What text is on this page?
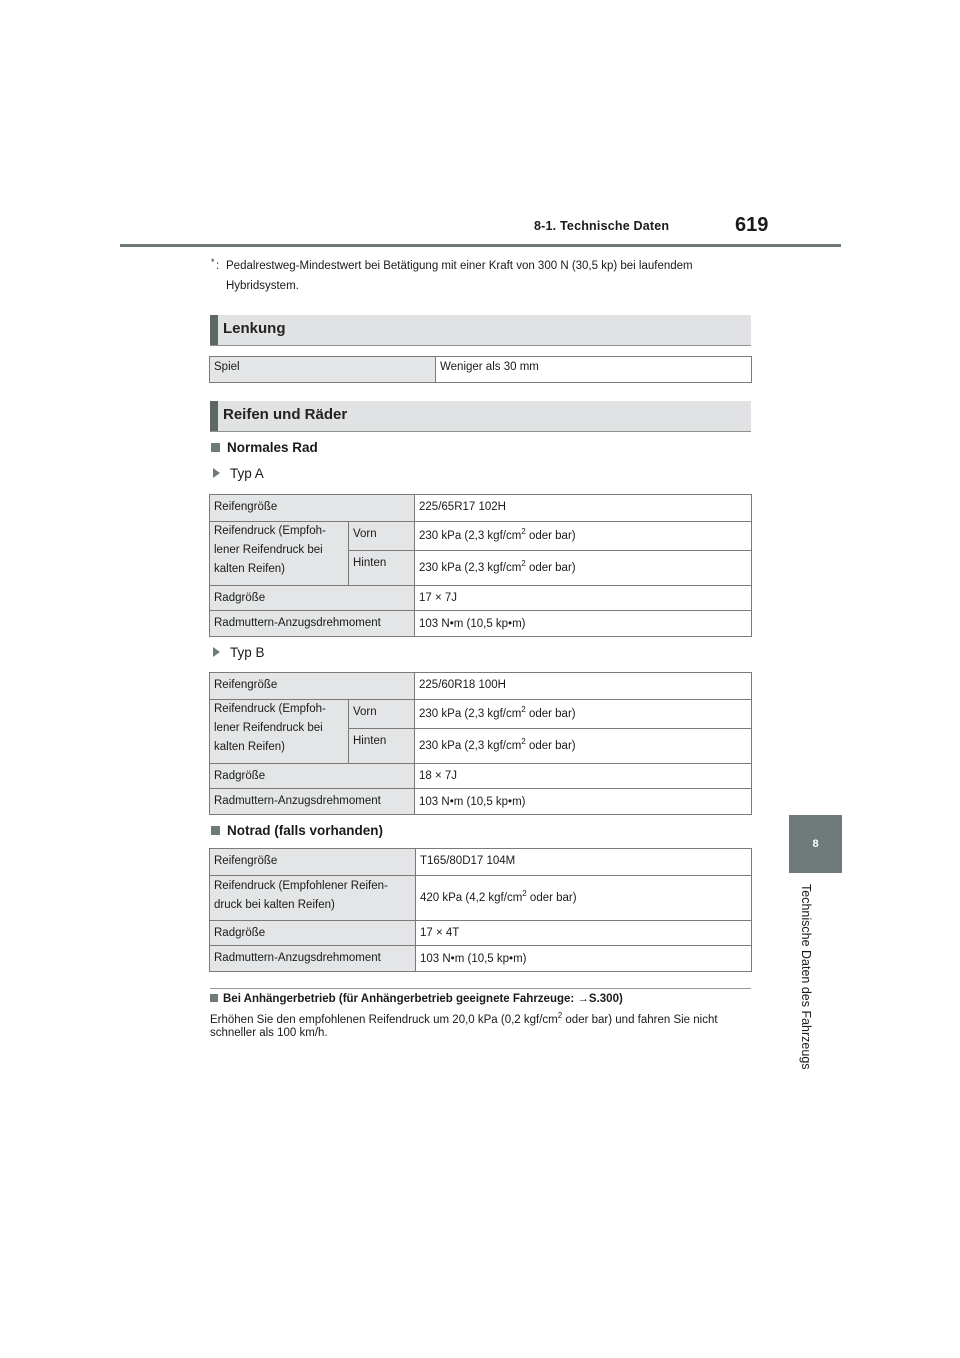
8-1. Technische Daten	619
8
Technische Daten des Fahrzeugs
* : Pedalrestweg-Mindestwert bei Betätigung mit einer Kraft von 300 N (30,5 kp) bei laufendem Hybridsystem.
Lenkung
Spiel	Weniger als 30 mm
Reifen und Räder
Normales Rad
Typ A
Reifengröße		225/65R17 102H
Reifendruck (Empfoh-lener Reifendruck bei kalten Reifen)	Vorn	230 kPa (2,3 kgf/$cm^2$ oder bar)
	Hinten	230 kPa (2,3 kgf/$cm^2$ oder bar)
Radgröße		17 × 7J
Radmuttern-Anzugsdrehmoment		103 N•m (10,5 kp•m)
Typ B
Reifengröße		225/60R18 100H
Reifendruck (Empfoh-lener Reifendruck bei kalten Reifen)	Vorn	230 kPa (2,3 kgf/$cm^2$ oder bar)
	Hinten	230 kPa (2,3 kgf/$cm^2$ oder bar)
Radgröße		18 × 7J
Radmuttern-Anzugsdrehmoment		103 N•m (10,5 kp•m)
Notrad (falls vorhanden)
Reifengröße	T165/80D17 104M
Reifendruck (Empfohlener Reifen-druck bei kalten Reifen)	420 kPa (4,2 kgf/$cm^2$ oder bar)
Radgröße	17 × 4T
Radmuttern-Anzugsdrehmoment	103 N•m (10,5 kp•m)
Bei Anhängerbetrieb (für Anhängerbetrieb geeignete Fahrzeuge: →S.300)
Erhöhen Sie den empfohlenen Reifendruck um 20,0 kPa (0,2 kgf/$cm^2$ oder bar) und fahren Sie nicht schneller als 100 km/h.
